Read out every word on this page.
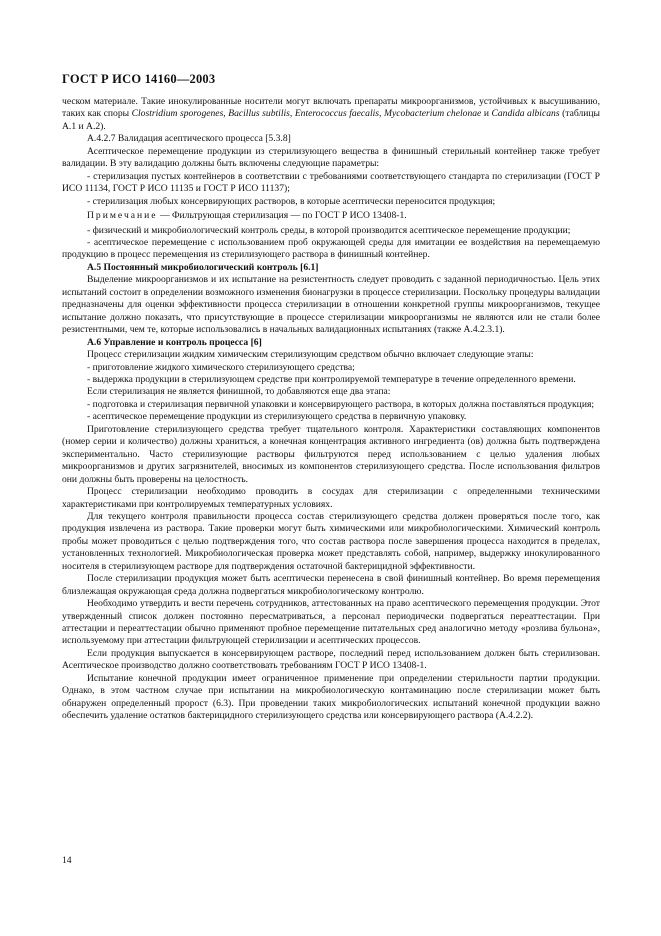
ГОСТ Р ИСО 14160—2003

ческом материале. Такие инокулированные носители могут включать препараты микроорганизмов, устойчивых к высушиванию, таких как споры Clostridium sporogenes, Bacillus subtilis, Enterococcus faecalis, Mycobacterium chelonae и Candida albicans (таблицы А.1 и А.2).

А.4.2.7 Валидация асептического процесса [5.3.8]

Асептическое перемещение продукции из стерилизующего вещества в финишный стерильный контейнер также требует валидации. В эту валидацию должны быть включены следующие параметры:

- стерилизация пустых контейнеров в соответствии с требованиями соответствующего стандарта по стерилизации (ГОСТ Р ИСО 11134, ГОСТ Р ИСО 11135 и ГОСТ Р ИСО 11137);

- стерилизация любых консервирующих растворов, в которые асептически переносится продукция;

Примечание — Фильтрующая стерилизация — по ГОСТ Р ИСО 13408-1.

- физический и микробиологический контроль среды, в которой производится асептическое перемещение продукции;

- асептическое перемещение с использованием проб окружающей среды для имитации ее воздействия на перемещаемую продукцию в процесс перемещения из стерилизующего раствора в финишный контейнер.

А.5 Постоянный микробиологический контроль [6.1]

Выделение микроорганизмов и их испытание на резистентность следует проводить с заданной периодичностью. Цель этих испытаний состоит в определении возможного изменения бионагрузки в процессе стерилизации. Поскольку процедуры валидации предназначены для оценки эффективности процесса стерилизации в отношении конкретной группы микроорганизмов, текущее испытание должно показать, что присутствующие в процессе стерилизации микроорганизмы не являются или не стали более резистентными, чем те, которые использовались в начальных валидационных испытаниях (также А.4.2.3.1).

А.6 Управление и контроль процесса [6]

Процесс стерилизации жидким химическим стерилизующим средством обычно включает следующие этапы:

- приготовление жидкого химического стерилизующего средства;

- выдержка продукции в стерилизующем средстве при контролируемой температуре в течение определенного времени.

Если стерилизация не является финишной, то добавляются еще два этапа:

- подготовка и стерилизация первичной упаковки и консервирующего раствора, в которых должна поставляться продукция;

- асептическое перемещение продукции из стерилизующего средства в первичную упаковку.

Приготовление стерилизующего средства требует тщательного контроля. Характеристики составляющих компонентов (номер серии и количество) должны храниться, а конечная концентрация активного ингредиента (ов) должна быть подтверждена экспериментально. Часто стерилизующие растворы фильтруются перед использованием с целью удаления любых микроорганизмов и других загрязнителей, вносимых из компонентов стерилизующего средства. После использования фильтров они должны быть проверены на целостность.

Процесс стерилизации необходимо проводить в сосудах для стерилизации с определенными техническими характеристиками при контролируемых температурных условиях.

Для текущего контроля правильности процесса состав стерилизующего средства должен проверяться после того, как продукция извлечена из раствора. Такие проверки могут быть химическими или микробиологическими. Химический контроль пробы может проводиться с целью подтверждения того, что состав раствора после завершения процесса находится в пределах, установленных технологией. Микробиологическая проверка может представлять собой, например, выдержку инокулированного носителя в стерилизующем растворе для подтверждения остаточной бактерицидной эффективности.

После стерилизации продукция может быть асептически перенесена в свой финишный контейнер. Во время перемещения близлежащая окружающая среда должна подвергаться микробиологическому контролю.

Необходимо утвердить и вести перечень сотрудников, аттестованных на право асептического перемещения продукции. Этот утвержденный список должен постоянно пересматриваться, а персонал периодически подвергаться переаттестации. При аттестации и переаттестации обычно применяют пробное перемещение питательных сред аналогично методу «розлива бульона», используемому при аттестации фильтрующей стерилизации и асептических процессов.

Если продукция выпускается в консервирующем растворе, последний перед использованием должен быть стерилизован. Асептическое производство должно соответствовать требованиям ГОСТ Р ИСО 13408-1.

Испытание конечной продукции имеет ограниченное применение при определении стерильности партии продукции. Однако, в этом частном случае при испытании на микробиологическую контаминацию после стерилизации может быть обнаружен определенный пророст (6.3). При проведении таких микробиологических испытаний конечной продукции важно обеспечить удаление остатков бактерицидного стерилизующего средства или консервирующего раствора (А.4.2.2).

14
